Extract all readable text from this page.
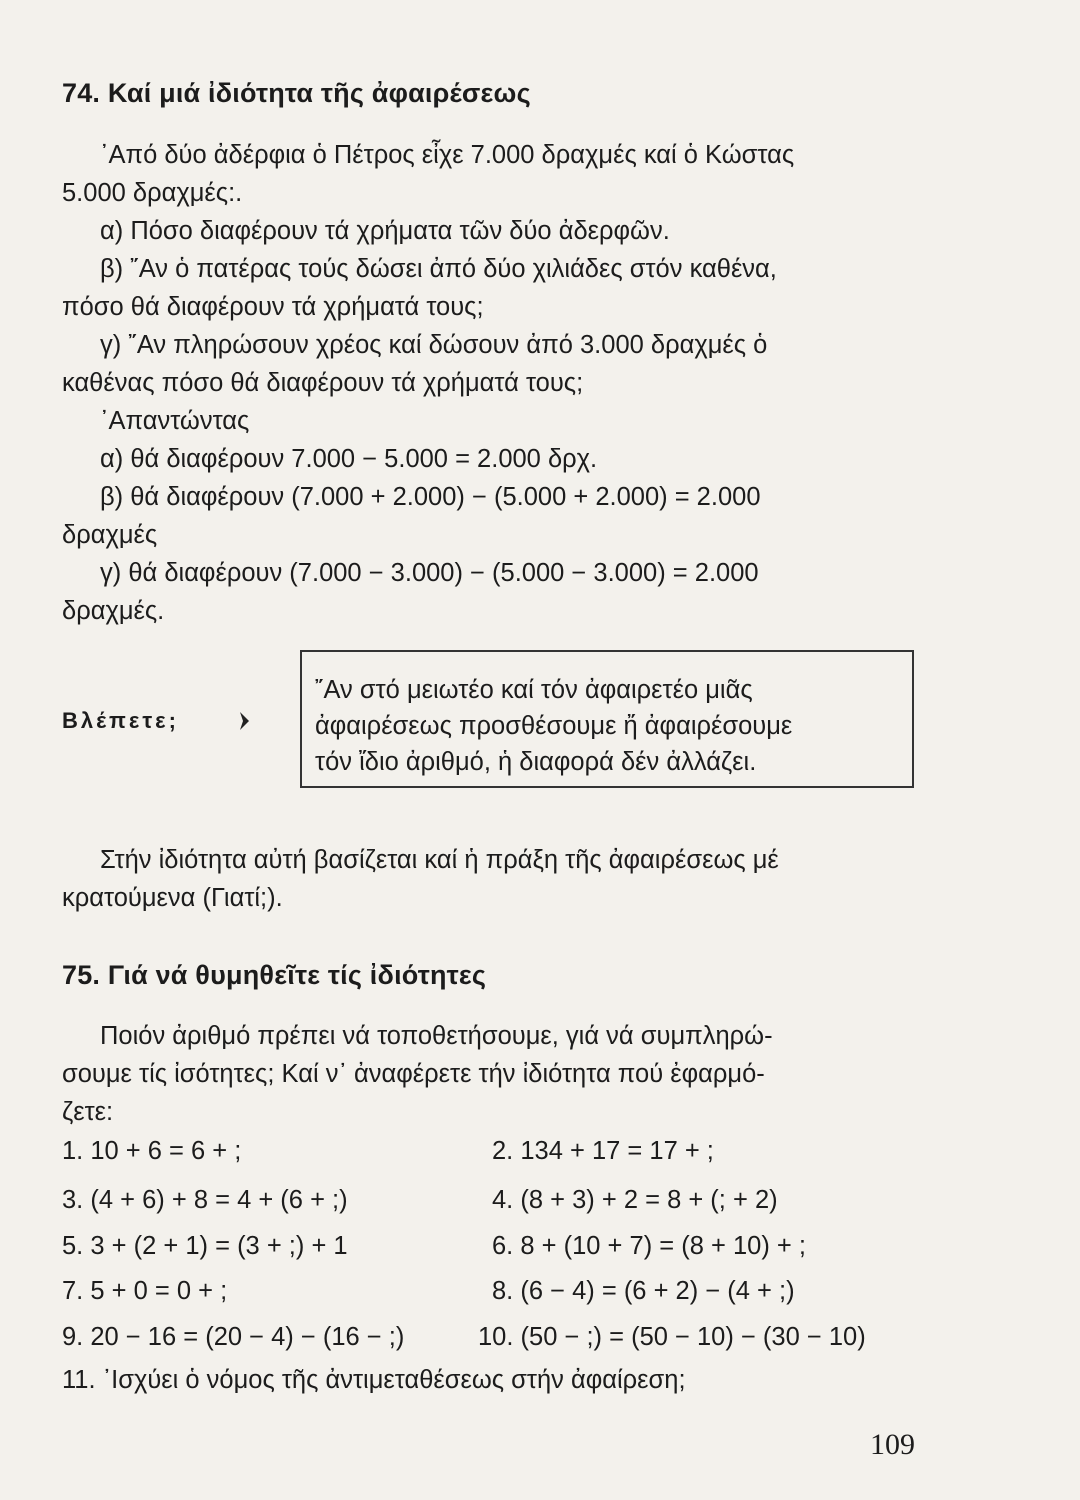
74. Καί μιά ἰδιότητα τῆς ἀφαιρέσεως
᾽Από δύο ἀδέρφια ὁ Πέτρος εἶχε 7.000 δραχμές καί ὁ Κώστας
5.000 δραχμές:.
α) Πόσο διαφέρουν τά χρήματα τῶν δύο ἀδερφῶν.
β) ῎Αν ὁ πατέρας τούς δώσει ἀπό δύο χιλιάδες στόν καθένα,
πόσο θά διαφέρουν τά χρήματά τους;
γ) ῎Αν πληρώσουν χρέος καί δώσουν ἀπό 3.000 δραχμές ὁ
καθένας πόσο θά διαφέρουν τά χρήματά τους;
᾽Απαντώντας
α) θά διαφέρουν 7.000 − 5.000 = 2.000 δρχ.
β) θά διαφέρουν (7.000 + 2.000) − (5.000 + 2.000) = 2.000
δραχμές
γ) θά διαφέρουν (7.000 − 3.000) − (5.000 − 3.000) = 2.000
δραχμές.
Βλέπετε;
῎Αν στό μειωτέο καί τόν ἀφαιρετέο μιᾶς
ἀφαιρέσεως προσθέσουμε ἤ ἀφαιρέσουμε
τόν ἴδιο ἀριθμό, ἡ διαφορά δέν ἀλλάζει.
Στήν ἰδιότητα αὐτή βασίζεται καί ἡ πράξη τῆς ἀφαιρέσεως μέ
κρατούμενα (Γιατί;).
75. Γιά νά θυμηθεῖτε τίς ἰδιότητες
Ποιόν ἀριθμό πρέπει νά τοποθετήσουμε, γιά νά συμπληρώ-
σουμε τίς ἰσότητες; Καί ν᾽ ἀναφέρετε τήν ἰδιότητα πού ἐφαρμό-
ζετε:
1. 10 + 6 = 6 + ;	2. 134 + 17 = 17 + ;
3. (4 + 6) + 8 = 4 + (6 + ;)	4. (8 + 3) + 2 = 8 + (; + 2)
5. 3 + (2 + 1) = (3 + ;) + 1	6. 8 + (10 + 7) = (8 + 10) + ;
7. 5 + 0 = 0 + ;	8. (6 − 4) = (6 + 2) − (4 + ;)
9. 20 − 16 = (20 − 4) − (16 − ;)	10. (50 − ;) = (50 − 10) − (30 − 10)
11. ᾽Ισχύει ὁ νόμος τῆς ἀντιμεταθέσεως στήν ἀφαίρεση;
109
